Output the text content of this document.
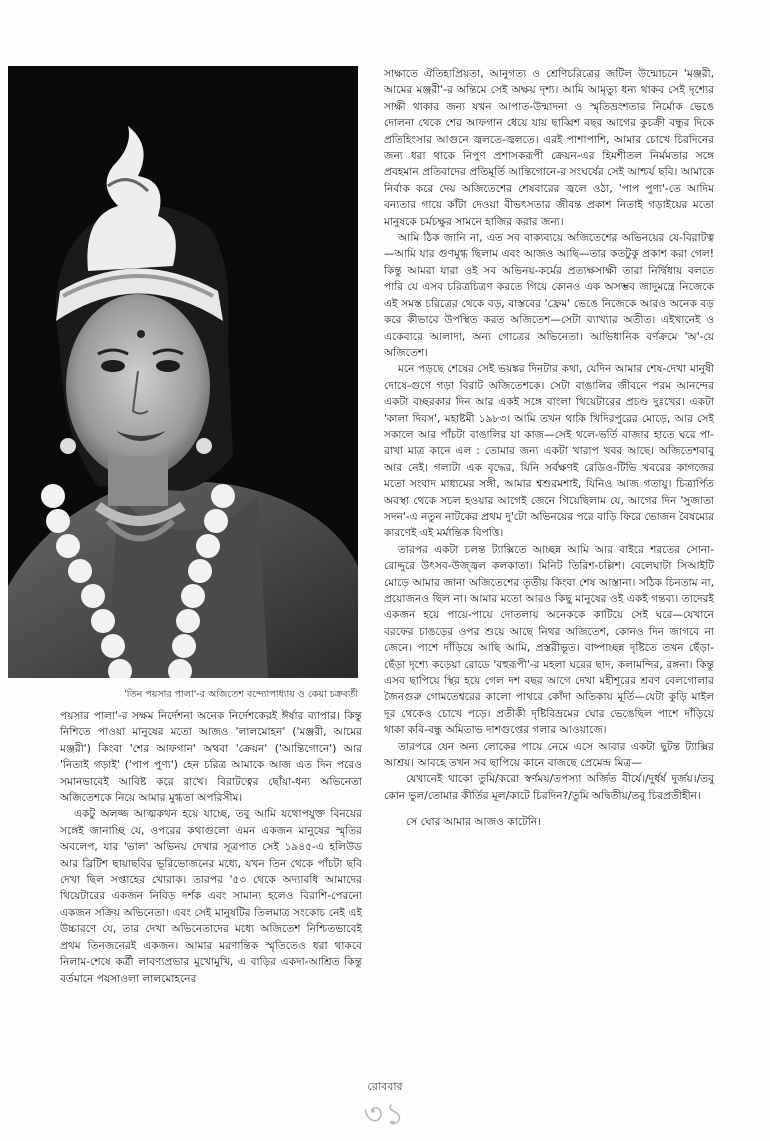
'তিন পয়সার পালা'-র অজিতেশ বন্দ্যোপাধ্যায় ও কেয়া চক্রবর্তী

পয়সার পালা'-র সক্ষম নির্দেশনা অনেক নির্দেশকেরই ঈর্ষার ব্যাপার। কিন্তু নিশিতে পাওয়া মানুষের মতো আজও 'লালমোহন' ('মঞ্জরী, আমের মঞ্জরী') কিংবা 'শের আফগান' অথবা 'ক্রেয়ন' ('আন্তিগোনে') আর 'নিতাই গড়াই' ('পাপ পুণ্য') হেন চরিত্র আমাকে আজ এত দিন পরেও সমানভাবেই আবিষ্ট করে রাখে। বিরাটত্বের ছোঁয়া-ধন্য অভিনেতা অজিতেশকে নিয়ে আমার মুগ্ধতা অপরিসীম।

একটু অলজ্জ আত্মকথন হয়ে যাচ্ছে, তবু আমি যথোপযুক্ত বিনয়ের সঙ্গেই জানাচ্ছি যে, ওপরের কথাগুলো এমন একজন মানুষের স্মৃতির অবলেপ, যার 'ভাল' অভিনয় দেখার সূত্রপাত সেই ১৯৪৫-এ হলিউড আর ব্রিটিশ ছায়াছবির ভূরিভোজনের মধ্যে, যখন তিন থেকে পাঁচটা ছবি দেখা ছিল সপ্তাহের খোরাক। তারপর '৫৩ থেকে অদ্যাবধি আমাদের থিয়েটারের একজন নিবিড় দর্শক এবং সামান্য হলেও বিরাশি-পেরনো একজন সক্রিয় অভিনেতা। এবং সেই মানুষটির তিলমাত্র সংকোচ নেই এই উচ্চারণে যে, তার দেখা অভিনেতাদের মধ্যে অজিতেশ নিশ্চিতভাবেই প্রথম তিনজনেরই একজন। আমার মরণান্তিক স্মৃতিতেও ধরা থাকবে নিলাম-শেষে কর্ত্রী লাবণ্যপ্রভার মুখোমুখি, এ বাড়ির একদা-আশ্রিত কিন্তু বর্তমানে পয়সাওলা লালমোহনের

সাক্ষাতে ঐতিহ্যপ্রিয়তা, আনুগত্য ও শ্রেণিচরিত্রের জটিল উন্মোচনে 'মঞ্জরী, আমের মঞ্জরী'-র অন্তিমে সেই অক্ষয় দৃশ্য। আমি আমৃত্যু ধন্য থাকব সেই দৃশ্যের সাক্ষী থাকার জন্য যখন আপাত-উন্মাদনা ও স্মৃতিভ্রংশতার নির্মোক ভেঙে দোলনা থেকে শের আফগান ধেয়ে যায় ছাব্বিশ বছর আগের কুচক্রী বন্ধুর দিকে প্রতিহিংসার আগুনে জ্বলতে-জ্বলতে। এরই পাশাপাশি, আমার চোখে চিরদিনের জন্য ধরা থাকে নিপুণ প্রশাসকরূপী ক্রেয়ন-এর হিমশীতল নির্মমতার সঙ্গে প্রবহমান প্রতিবাদের প্রতিমূর্তি আন্তিগোনে-র সংঘর্ষের সেই আশ্চর্য ছবি। আমাকে নির্বাক করে দেয় অজিতেশের শেষবারের জ্বলে ওঠা, 'পাপ পুণ্য'-তে আদিম বন্যতার গায়ে কাঁটা দেওয়া বীভৎসতার জীবন্ত প্রকাশ নিতাই গড়াইয়ের মতো মানুষকে চর্মচক্ষুর সামনে হাজির করার জন্য।

আমি ঠিক জানি না, এত সব বাক্যব্যয়ে অজিতেশের অভিনয়ের যে-বিরাটত্ব—আমি যার গুণমুগ্ধ ছিলাম এবং আজও আছি—তার কতটুকু প্রকাশ করা গেল! কিন্তু আমরা যারা ওই সব অভিনয়-কর্মের প্রত্যক্ষসাক্ষী তারা নির্দ্বিধায় বলতে পারি যে এসব চরিত্রচিত্রণ করতে গিয়ে কোনও এক অসম্ভব জাদুমন্ত্রে নিজেকে এই সমস্ত চরিত্রের থেকে বড়, বাস্তবের 'ফ্রেম' ভেঙে নিজেকে আরও অনেক বড় করে কীভাবে উপস্থিত করত অজিতেশ—সেটা ব্যাখ্যার অতীত। এইখানেই ও একেবারে আলাদা, অন্য গোত্রের অভিনেতা। আভিধানিক বর্ণক্রমে 'অ'-য়ে অজিতেশ।

মনে পড়ছে শেষের সেই ভয়ঙ্কর দিনটার কথা, যেদিন আমার শেষ-দেখা মানুষী দোষে-গুণে গড়া বিরাট অজিতেশকে। সেটা বাঙালির জীবনে পরম আনন্দের একটা বচ্ছরকার দিন আর একই সঙ্গে বাংলা থিয়েটারের প্রচণ্ড দুঃখের। একটা 'কালা দিবস', মহাষ্টমী ১৯৮৩। আমি তখন থাকি খিদিরপুরের মোড়ে, আর সেই সকালে আর পাঁচটা বাঙালির যা কাজ—সেই থলে-ভর্তি বাজার হাতে ঘরে পা-রাখা মাত্র কানে এল : তোমার জন্য একটা খারাপ খবর আছে। অজিতেশবাবু আর নেই। গলাটা এক বৃদ্ধের, যিনি সর্বক্ষণই রেডিও-টিভি খবরের কাগজের মতো সংবাদ মাধ্যমের সঙ্গী, আমার শ্বশুরমশাই, যিনিও আজ গতায়ু। চিত্রার্পিত অবস্থা থেকে সচল হওয়ার আগেই জেনে গিয়েছিলাম যে, আগের দিন 'সুজাতা সদন'-এ নতুন নাটকের প্রথম দু'টো অভিনয়ের পরে বাড়ি ফিরে ভোজন বৈষম্যের কারণেই এই মর্মান্তিক বিপত্তি।

তারপর একটা চলন্ত ট্যাক্সিতে আচ্ছন্ন আমি আর বাইরে শরতের সোনা-রোদ্দুরে উৎসব-উজ্জ্বল কলকাতা। মিনিট তিরিশ-চল্লিশ। বেলেঘাটা সিআইটি মোড়ে আমার জানা অজিতেশের তৃতীয় কিংবা শেষ আস্তানা। সঠিক চিনতাম না, প্রয়োজনও ছিল না। আমার মতো আরও কিছু মানুষের ওই একই গন্তব্য। তাদেরই একজন হয়ে পায়ে-পায়ে দোতলায় অনেককে কাটিয়ে সেই ঘরে—যেখানে বরফের চাঙড়ের ওপর শুয়ে আছে নিথর অজিতেশ, কোনও দিন জাগবে না জেনে। পাশে দাঁড়িয়ে আছি আমি, প্রস্তরীভূত। বাষ্পাচ্ছন্ন দৃষ্টিতে তখন ছেঁড়া-ছেঁড়া দৃশ্যে কড়েয়া রোডে 'বহুরূপী'-র মহলা ঘরের ছাদ, কলামন্দির, রঙ্গনা। কিন্তু এসব ছাপিয়ে স্থির হয়ে গেল দশ বছর আগে দেখা মহীশূরের শ্রবণ বেলগোলার জৈনগুরু গোমতেশ্বরের কালো পাথরে কোঁদা অতিকায় মূর্তি—যেটা কুড়ি মাইল দূর থেকেও চোখে পড়ে। প্রতীকী দৃষ্টিবিভ্রমের ঘোর ভেঙেছিল পাশে দাঁড়িয়ে থাকা কবি-বন্ধু অমিতাভ দাশগুপ্তের গলার আওয়াজে।

তারপরে যেন অন্য লোকের পায়ে নেমে এসে আবার একটা ছুটন্ত ট্যাক্সির আশ্রয়। আবহে তখন সব ছাপিয়ে কানে বাজছে প্রেমেন্দ্র মিত্র—

যেখানেই থাকো তুমি/করো স্বর্ণময়/তপস্যা অর্জিত বীর্যে।/দুর্ধর্ষ দুর্জয়।/তবু কোন ভুল/তোমার কীর্তির মূল/কাটে চিরদিন?/তুমি অদ্বিতীয়/তবু চিরপ্রতীহীন।

সে ঘোর আমার আজও কাটেনি।

রোববার
৩১
